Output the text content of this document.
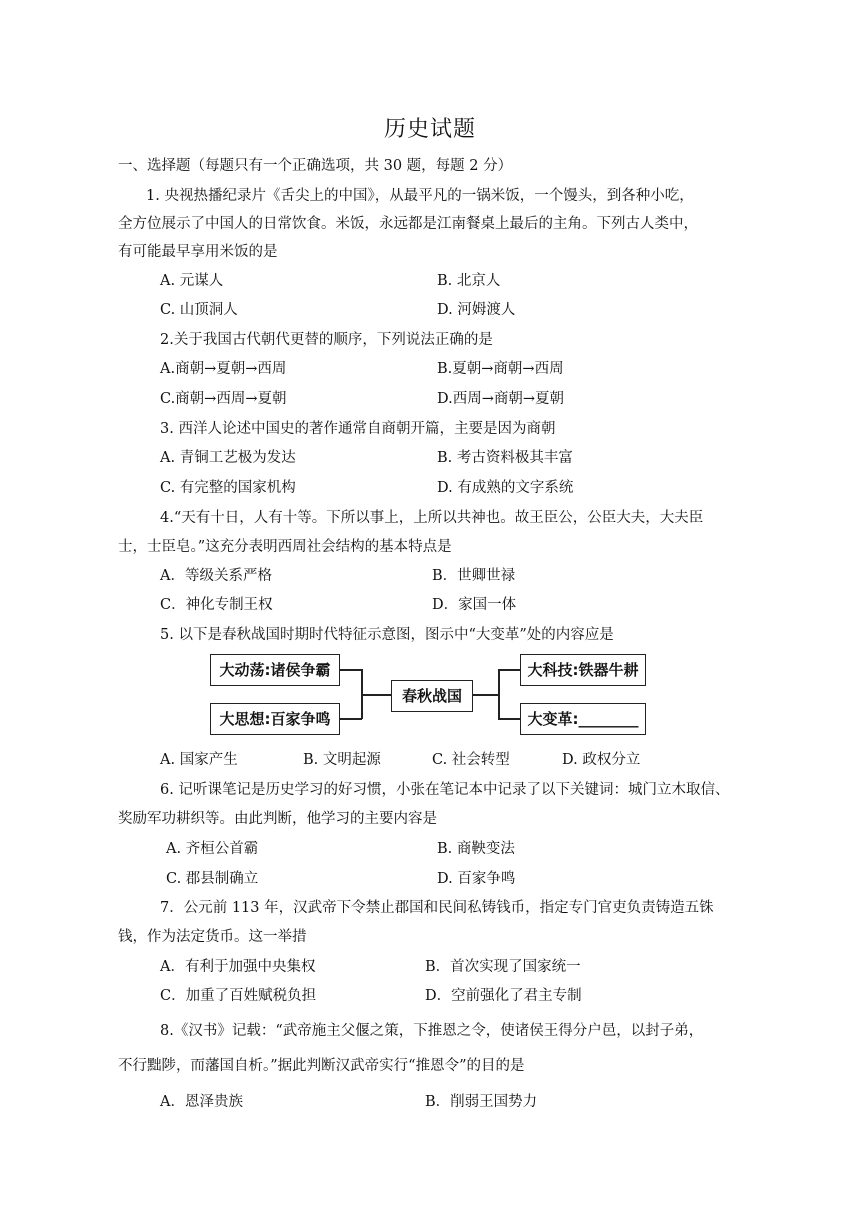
历史试题
一、选择题（每题只有一个正确选项，共 30 题，每题 2 分）
1. 央视热播纪录片《舌尖上的中国》，从最平凡的一锅米饭，一个馒头，到各种小吃，
全方位展示了中国人的日常饮食。米饭，永远都是江南餐桌上最后的主角。下列古人类中，
有可能最早享用米饭的是
A. 元谋人	B. 北京人
C. 山顶洞人	D. 河姆渡人
2.关于我国古代朝代更替的顺序，下列说法正确的是
A.商朝→夏朝→西周	B.夏朝→商朝→西周
C.商朝→西周→夏朝	D.西周→商朝→夏朝
3. 西洋人论述中国史的著作通常自商朝开篇，主要是因为商朝
A. 青铜工艺极为发达	B. 考古资料极其丰富
C. 有完整的国家机构	D. 有成熟的文字系统
4.“天有十日，人有十等。下所以事上，上所以共神也。故王臣公，公臣大夫，大夫臣
士，士臣皂。”这充分表明西周社会结构的基本特点是
A．等级关系严格	B．世卿世禄
C．神化专制王权	D．家国一体
5. 以下是春秋战国时期时代特征示意图，图示中“大变革”处的内容应是
大动荡:诸侯争霸
大思想:百家争鸣
春秋战国
大科技:铁器牛耕
大变革:________
A. 国家产生	B. 文明起源	C. 社会转型	D. 政权分立
6. 记听课笔记是历史学习的好习惯，小张在笔记本中记录了以下关键词：城门立木取信、
奖励军功耕织等。由此判断，他学习的主要内容是
A. 齐桓公首霸	B. 商鞅变法
C. 郡县制确立	D. 百家争鸣
7．公元前 113 年，汉武帝下令禁止郡国和民间私铸钱币，指定专门官吏负责铸造五铢
钱，作为法定货币。这一举措
A．有利于加强中央集权	B．首次实现了国家统一
C．加重了百姓赋税负担	D．空前强化了君主专制
8.《汉书》记载：“武帝施主父偃之策，下推恩之令，使诸侯王得分户邑，以封子弟，
不行黜陟，而藩国自析。”据此判断汉武帝实行“推恩令”的目的是
A．恩泽贵族	B．削弱王国势力
